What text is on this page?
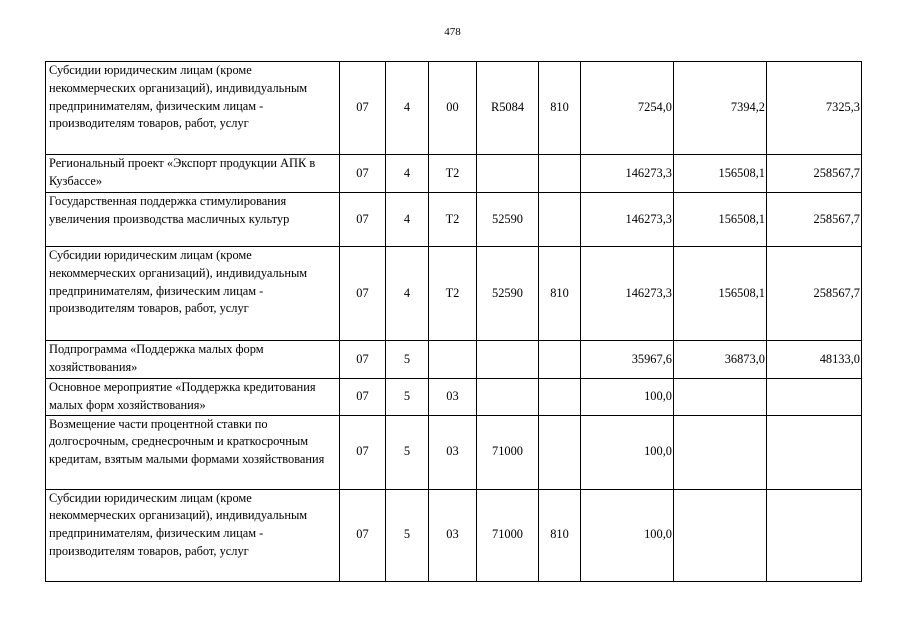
478
Субсидии юридическим лицам (кроме некоммерческих организаций), индивидуальным предпринимателям, физическим лицам - производителям товаров, работ, услуг	07	4	00	R5084	810	7254,0	7394,2	7325,3
Региональный проект «Экспорт продукции АПК в Кузбассе»	07	4	T2			146273,3	156508,1	258567,7
Государственная поддержка стимулирования увеличения производства масличных культур	07	4	T2	52590		146273,3	156508,1	258567,7
Субсидии юридическим лицам (кроме некоммерческих организаций), индивидуальным предпринимателям, физическим лицам - производителям товаров, работ, услуг	07	4	T2	52590	810	146273,3	156508,1	258567,7
Подпрограмма «Поддержка малых форм хозяйствования»	07	5				35967,6	36873,0	48133,0
Основное мероприятие «Поддержка кредитования малых форм хозяйствования»	07	5	03			100,0		
Возмещение части процентной ставки по долгосрочным, среднесрочным и краткосрочным кредитам, взятым малыми формами хозяйствования	07	5	03	71000		100,0		
Субсидии юридическим лицам (кроме некоммерческих организаций), индивидуальным предпринимателям, физическим лицам - производителям товаров, работ, услуг	07	5	03	71000	810	100,0		
